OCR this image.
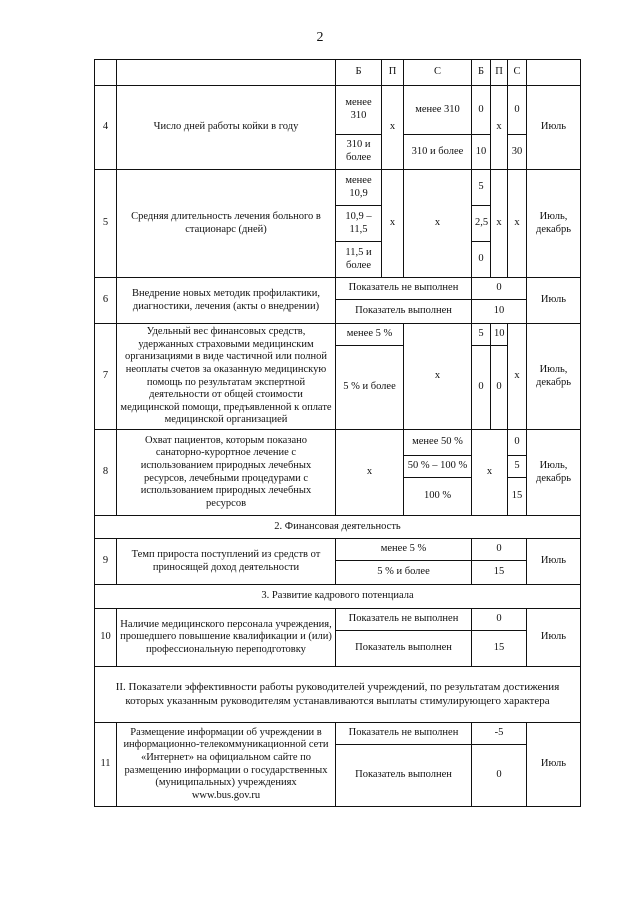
2
		Б	П	С	Б	П	С	
4	Число дней работы койки в году	менее 310	х	менее 310	0	х	0	Июль
		310 и более		310 и более	10		30	
5	Средняя длительность лечения больного в стационарс (дней)	менее 10,9	х	х	5	х	х	Июль, декабрь
		10,9 – 11,5			2,5			
		11,5 и более			0			
6	Внедрение новых методик профилактики, диагностики, лечения (акты о внедрении)	Показатель не выполнен			0			Июль
		Показатель выполнен			10			
7	Удельный вес финансовых средств, удержанных страховыми медицинским организациями в виде частичной или полной неоплаты счетов за оказанную медицинскую помощь по результатам экспертной деятельности от общей стоимости медицинской помощи, предъявленной к оплате медицинской организацией	менее 5 %		х	5	10	х	Июль, декабрь
		5 % и более			0	0		
8	Охват пациентов, которым показано санаторно-курортное лечение с использованием природных лечебных ресурсов, лечебными процедурами с использованием природных лечебных ресурсов	х		менее 50 %	х		0	Июль, декабрь
				50 % – 100 %			5	
				100 %			15	
2. Финансовая деятельность								
9	Темп прироста поступлений из средств от приносящей доход деятельности	менее 5 %			0			Июль
		5 % и более			15			
3. Развитие кадрового потенциала								
10	Наличие медицинского персонала учреждения, прошедшего повышение квалификации и (или) профессиональную переподготовку	Показатель не выполнен			0			Июль
		Показатель выполнен			15			
II. Показатели эффективности работы руководителей учреждений, по результатам достижения которых указанным руководителям устанавливаются выплаты стимулирующего характера								
11	Размещение информации об учреждении в информационно-телекоммуникационной сети «Интернет» на официальном сайте по размещению информации о государственных (муниципальных) учреждениях www.bus.gov.ru	Показатель не выполнен			-5			Июль
		Показатель выполнен			0			
